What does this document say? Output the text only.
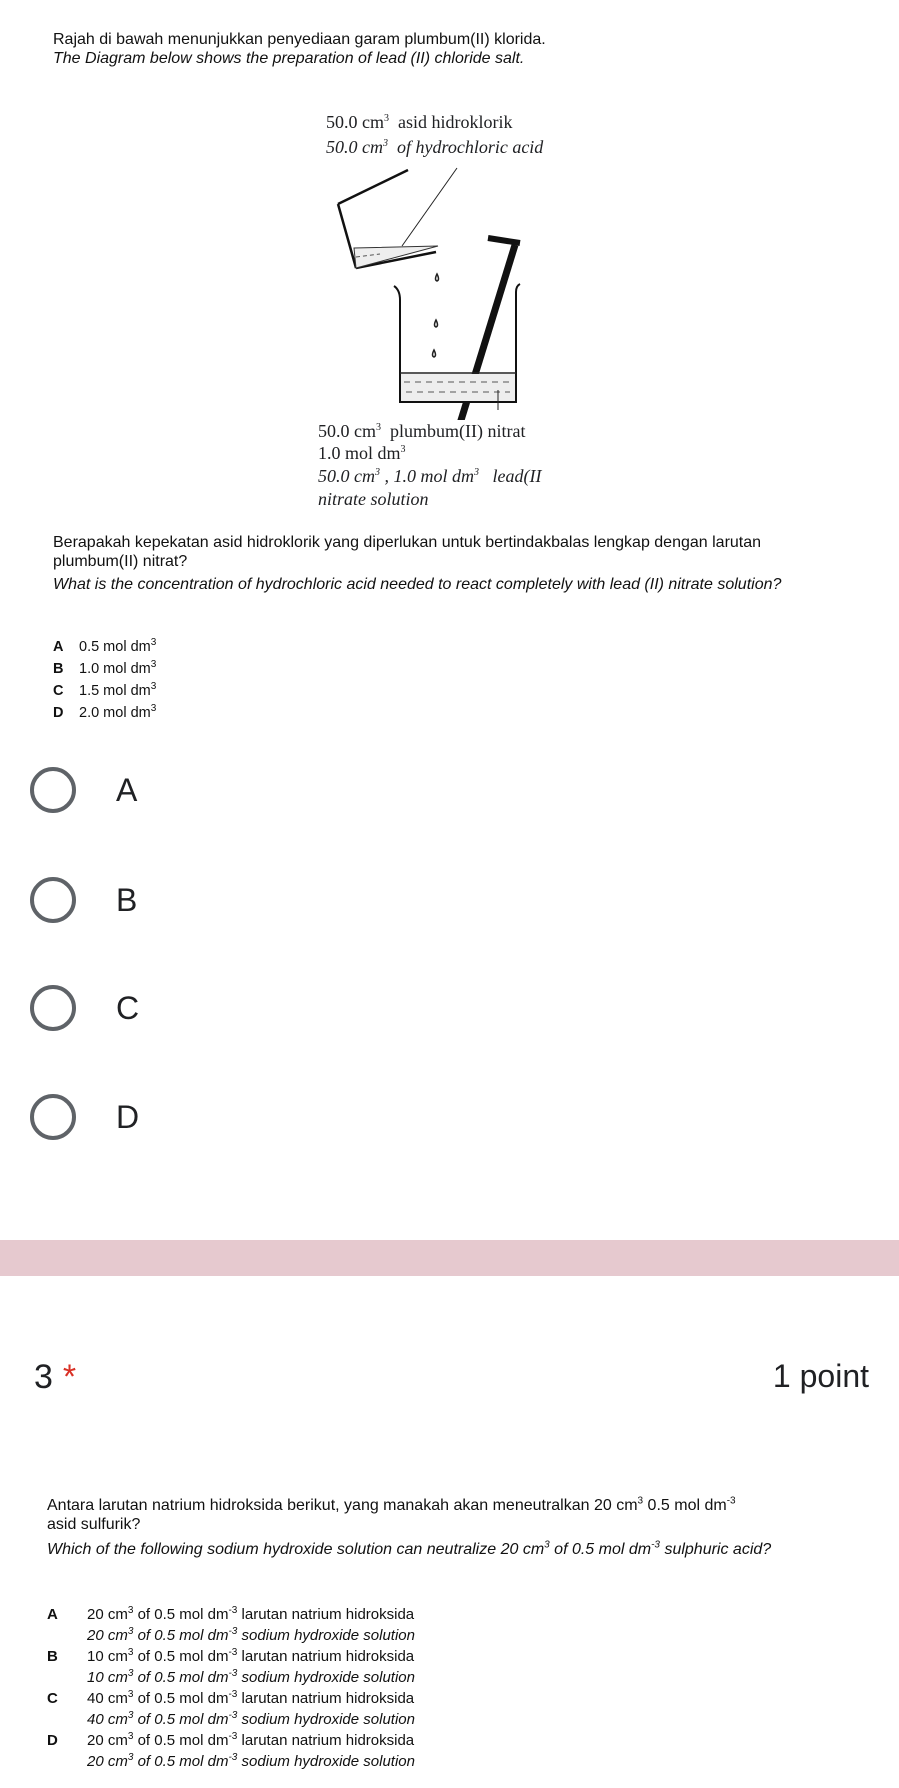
Rajah di bawah menunjukkan penyediaan garam plumbum(II) klorida.
The Diagram below shows the preparation of lead (II) chloride salt.
50.0 $cm^3$ asid hidroklorik
50.0 $cm^3$ of hydrochloric acid
50.0 $cm^3$ plumbum(II) nitrat
1.0 mol $dm^3$
50.0 $cm^3$ , 1.0 mol $dm^3$ lead(II
nitrate solution
Berapakah kepekatan asid hidroklorik yang diperlukan untuk bertindakbalas lengkap dengan larutan plumbum(II) nitrat?
What is the concentration of hydrochloric acid needed to react completely with lead (II) nitrate solution?
A 0.5 mol $dm^3$
B 1.0 mol $dm^3$
C 1.5 mol $dm^3$
D 2.0 mol $dm^3$
A
B
C
D
3 *	1 point
Antara larutan natrium hidroksida berikut, yang manakah akan meneutralkan 20 $cm^3$ 0.5 mol $dm^{-3}$
asid sulfurik?
Which of the following sodium hydroxide solution can neutralize 20 $cm^3$ of 0.5 mol $dm^{-3}$ sulphuric acid?
A 20 $cm^3$ of 0.5 mol $dm^{-3}$ larutan natrium hidroksida
20 $cm^3$ of 0.5 mol $dm^{-3}$ sodium hydroxide solution
B 10 $cm^3$ of 0.5 mol $dm^{-3}$ larutan natrium hidroksida
10 $cm^3$ of 0.5 mol $dm^{-3}$ sodium hydroxide solution
C 40 $cm^3$ of 0.5 mol $dm^{-3}$ larutan natrium hidroksida
40 $cm^3$ of 0.5 mol $dm^{-3}$ sodium hydroxide solution
D 20 $cm^3$ of 0.5 mol $dm^{-3}$ larutan natrium hidroksida
20 $cm^3$ of 0.5 mol $dm^{-3}$ sodium hydroxide solution
